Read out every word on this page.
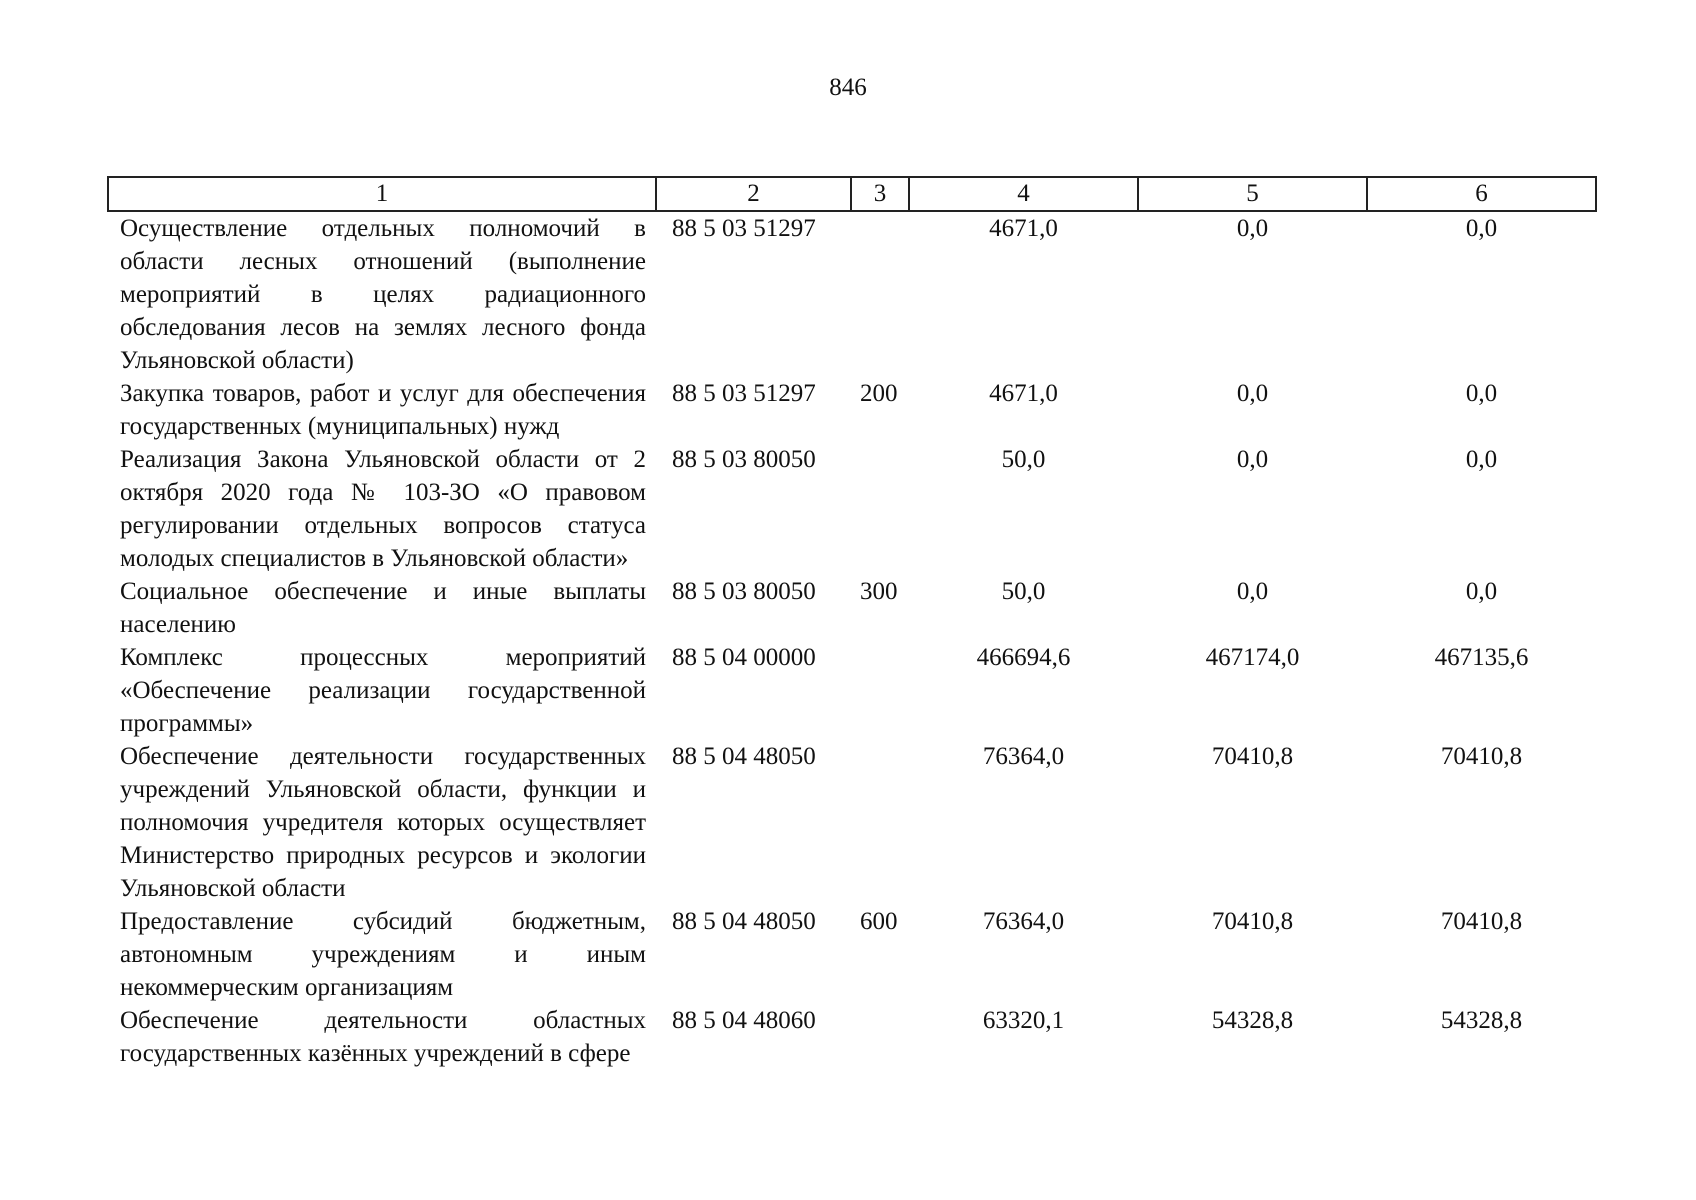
846
1	2	3	4	5	6
Осуществление отдельных полномочий в области лесных отношений (выполнение мероприятий в целях радиационного обследования лесов на землях лесного фонда Ульяновской области)	88 5 03 51297		4671,0	0,0	0,0
Закупка товаров, работ и услуг для обеспечения государственных (муниципальных) нужд	88 5 03 51297	200	4671,0	0,0	0,0
Реализация Закона Ульяновской области от 2 октября 2020 года № 103-ЗО «О правовом регулировании отдельных вопросов статуса молодых специалистов в Ульяновской области»	88 5 03 80050		50,0	0,0	0,0
Социальное обеспечение и иные выплаты населению	88 5 03 80050	300	50,0	0,0	0,0
Комплекс процессных мероприятий «Обеспечение реализации государственной программы»	88 5 04 00000		466694,6	467174,0	467135,6
Обеспечение деятельности государственных учреждений Ульяновской области, функции и полномочия учредителя которых осуществляет Министерство природных ресурсов и экологии Ульяновской области	88 5 04 48050		76364,0	70410,8	70410,8
Предоставление субсидий бюджетным, автономным учреждениям и иным некоммерческим организациям	88 5 04 48050	600	76364,0	70410,8	70410,8
Обеспечение деятельности областных государственных казённых учреждений в сфере	88 5 04 48060		63320,1	54328,8	54328,8
